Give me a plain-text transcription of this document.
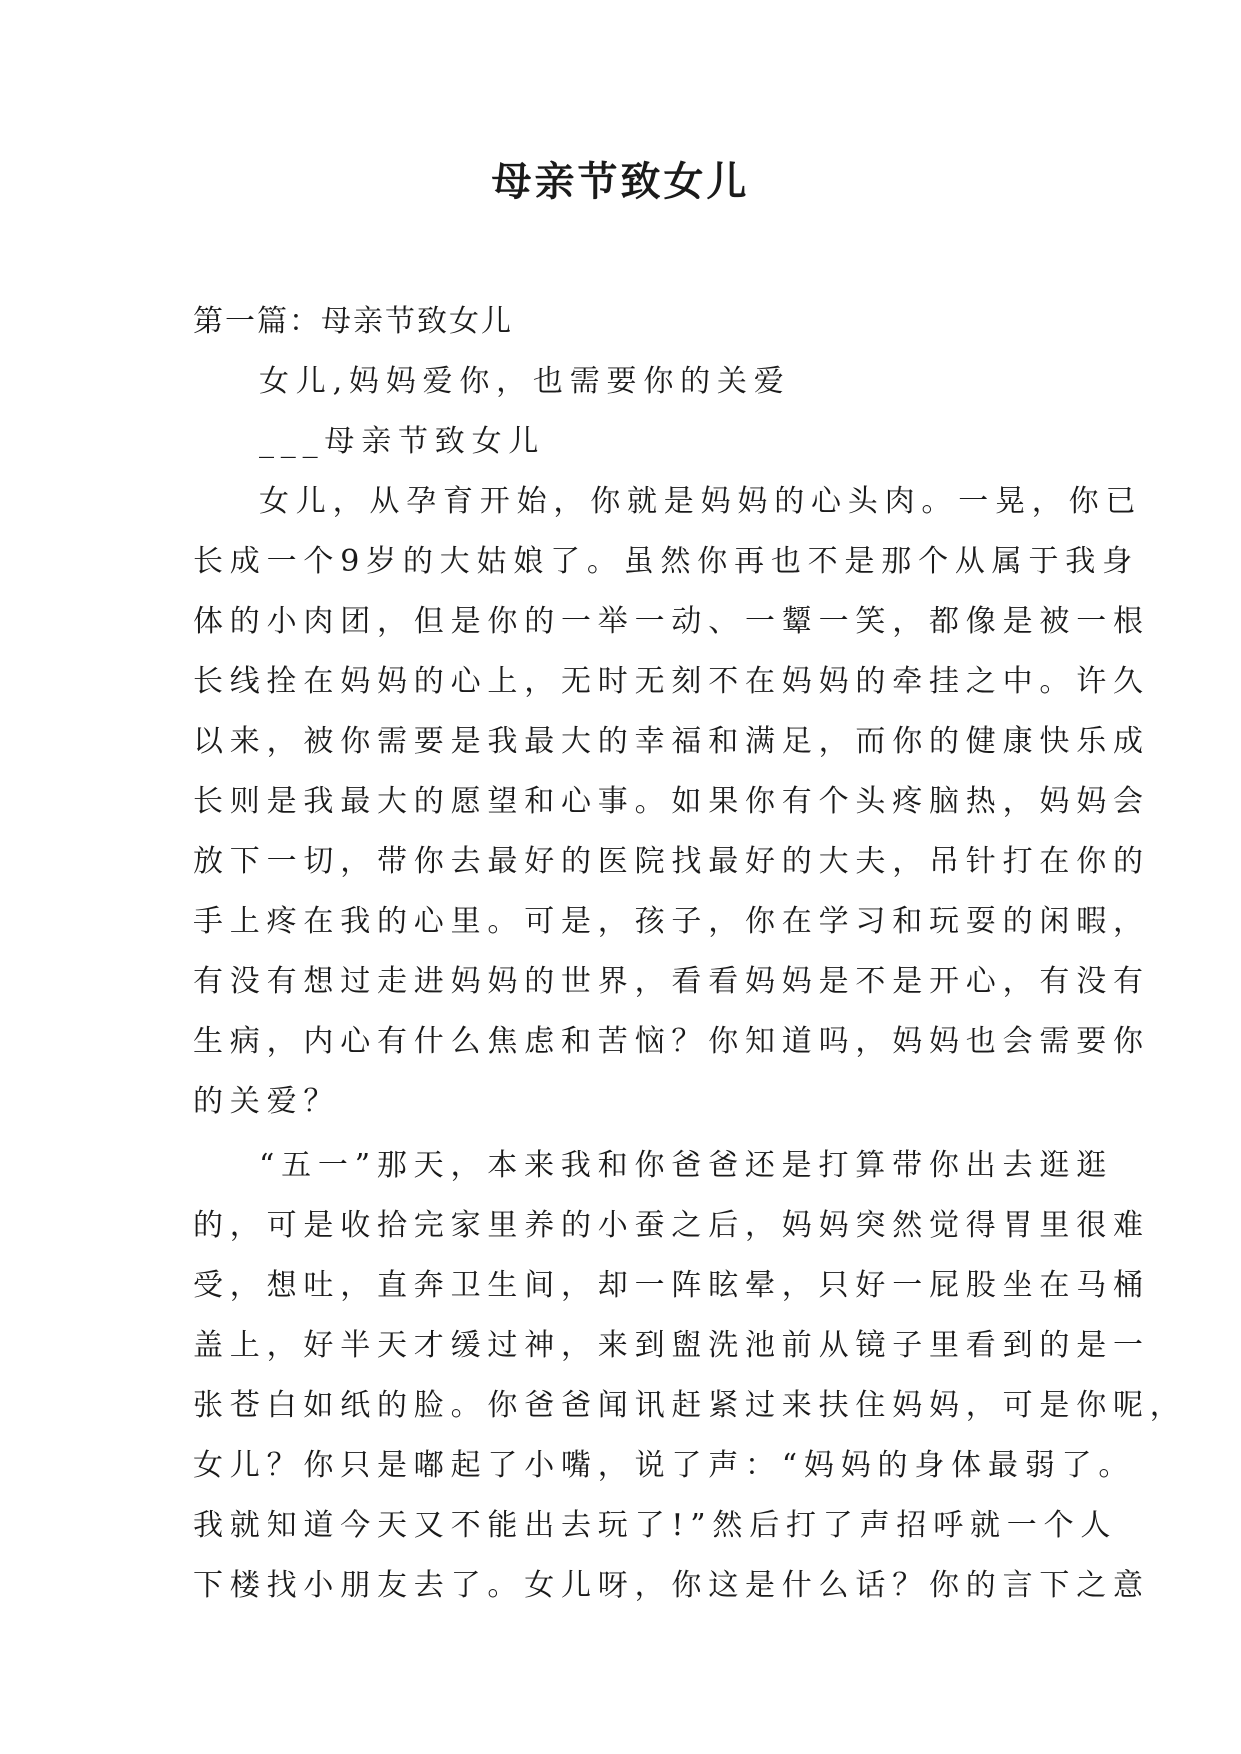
母亲节致女儿
第一篇：母亲节致女儿
女儿,妈妈爱你，也需要你的关爱
___母亲节致女儿
女儿，从孕育开始，你就是妈妈的心头肉。一晃，你已
长成一个9岁的大姑娘了。虽然你再也不是那个从属于我身
体的小肉团，但是你的一举一动、一颦一笑，都像是被一根
长线拴在妈妈的心上，无时无刻不在妈妈的牵挂之中。许久
以来，被你需要是我最大的幸福和满足，而你的健康快乐成
长则是我最大的愿望和心事。如果你有个头疼脑热，妈妈会
放下一切，带你去最好的医院找最好的大夫，吊针打在你的
手上疼在我的心里。可是，孩子，你在学习和玩耍的闲暇，
有没有想过走进妈妈的世界，看看妈妈是不是开心，有没有
生病，内心有什么焦虑和苦恼？你知道吗，妈妈也会需要你
的关爱？
“五一”那天，本来我和你爸爸还是打算带你出去逛逛
的，可是收拾完家里养的小蚕之后，妈妈突然觉得胃里很难
受，想吐，直奔卫生间，却一阵眩晕，只好一屁股坐在马桶
盖上，好半天才缓过神，来到盥洗池前从镜子里看到的是一
张苍白如纸的脸。你爸爸闻讯赶紧过来扶住妈妈，可是你呢，
女儿？你只是嘟起了小嘴，说了声：“妈妈的身体最弱了。
我就知道今天又不能出去玩了!”然后打了声招呼就一个人
下楼找小朋友去了。女儿呀，你这是什么话？你的言下之意
